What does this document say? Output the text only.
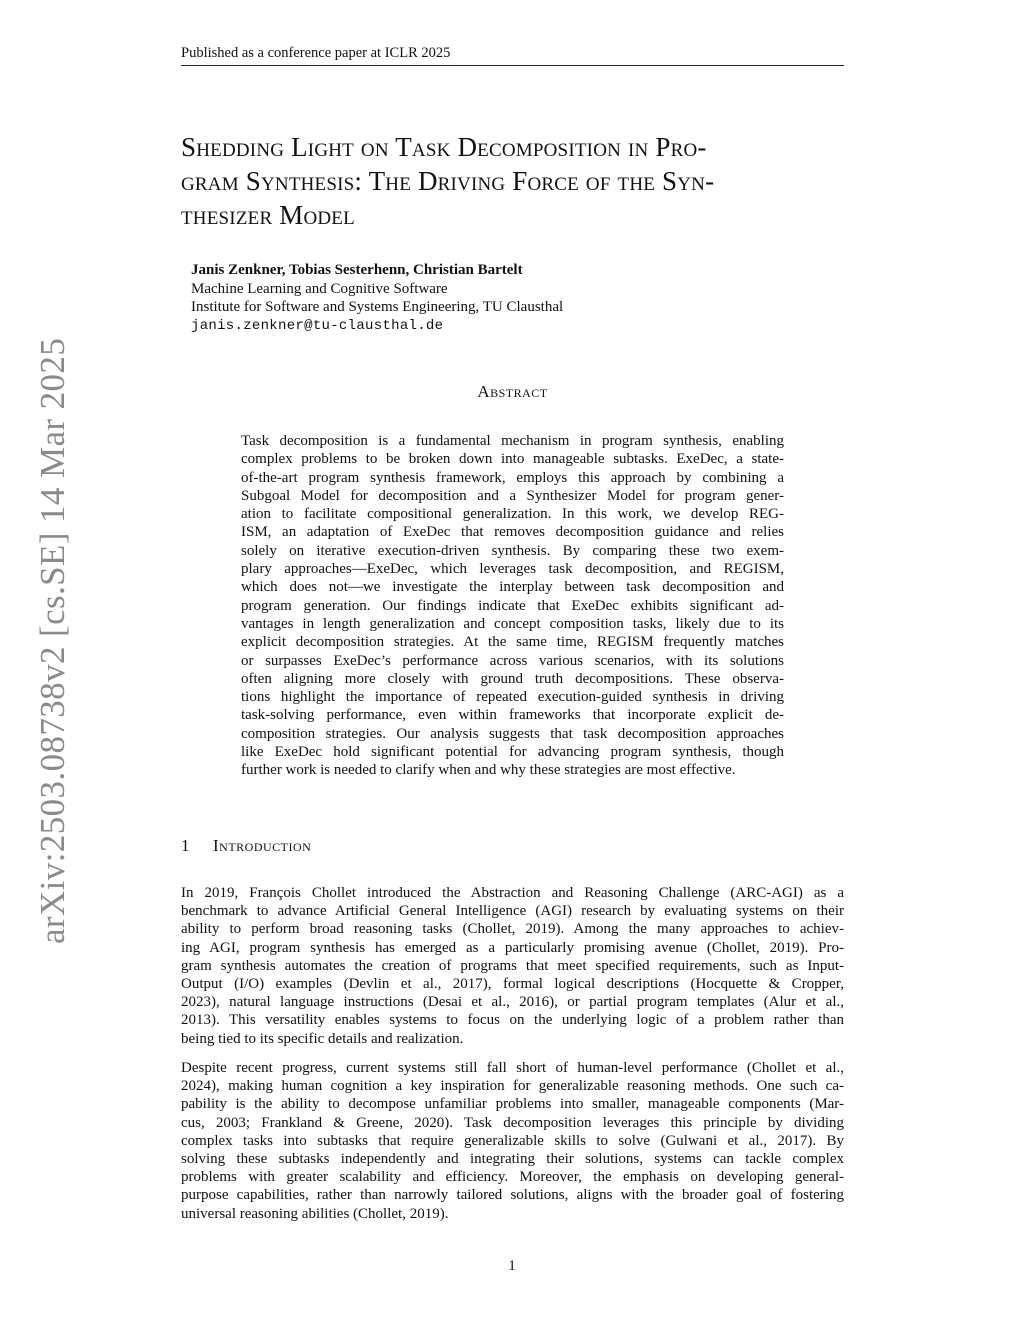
Published as a conference paper at ICLR 2025
arXiv:2503.08738v2 [cs.SE] 14 Mar 2025
Shedding Light on Task Decomposition in Pro-
gram Synthesis: The Driving Force of the Syn-
thesizer Model
Janis Zenkner, Tobias Sesterhenn, Christian Bartelt
Machine Learning and Cognitive Software
Institute for Software and Systems Engineering, TU Clausthal
janis.zenkner@tu-clausthal.de
Abstract
Task decomposition is a fundamental mechanism in program synthesis, enabling
complex problems to be broken down into manageable subtasks. ExeDec, a state-
of-the-art program synthesis framework, employs this approach by combining a
Subgoal Model for decomposition and a Synthesizer Model for program gener-
ation to facilitate compositional generalization. In this work, we develop REG-
ISM, an adaptation of ExeDec that removes decomposition guidance and relies
solely on iterative execution-driven synthesis. By comparing these two exem-
plary approaches—ExeDec, which leverages task decomposition, and REGISM,
which does not—we investigate the interplay between task decomposition and
program generation. Our findings indicate that ExeDec exhibits significant ad-
vantages in length generalization and concept composition tasks, likely due to its
explicit decomposition strategies. At the same time, REGISM frequently matches
or surpasses ExeDec’s performance across various scenarios, with its solutions
often aligning more closely with ground truth decompositions. These observa-
tions highlight the importance of repeated execution-guided synthesis in driving
task-solving performance, even within frameworks that incorporate explicit de-
composition strategies. Our analysis suggests that task decomposition approaches
like ExeDec hold significant potential for advancing program synthesis, though
further work is needed to clarify when and why these strategies are most effective.
1 Introduction
In 2019, François Chollet introduced the Abstraction and Reasoning Challenge (ARC-AGI) as a
benchmark to advance Artificial General Intelligence (AGI) research by evaluating systems on their
ability to perform broad reasoning tasks (Chollet, 2019). Among the many approaches to achiev-
ing AGI, program synthesis has emerged as a particularly promising avenue (Chollet, 2019). Pro-
gram synthesis automates the creation of programs that meet specified requirements, such as Input-
Output (I/O) examples (Devlin et al., 2017), formal logical descriptions (Hocquette & Cropper,
2023), natural language instructions (Desai et al., 2016), or partial program templates (Alur et al.,
2013). This versatility enables systems to focus on the underlying logic of a problem rather than
being tied to its specific details and realization.
Despite recent progress, current systems still fall short of human-level performance (Chollet et al.,
2024), making human cognition a key inspiration for generalizable reasoning methods. One such ca-
pability is the ability to decompose unfamiliar problems into smaller, manageable components (Mar-
cus, 2003; Frankland & Greene, 2020). Task decomposition leverages this principle by dividing
complex tasks into subtasks that require generalizable skills to solve (Gulwani et al., 2017). By
solving these subtasks independently and integrating their solutions, systems can tackle complex
problems with greater scalability and efficiency. Moreover, the emphasis on developing general-
purpose capabilities, rather than narrowly tailored solutions, aligns with the broader goal of fostering
universal reasoning abilities (Chollet, 2019).
1
